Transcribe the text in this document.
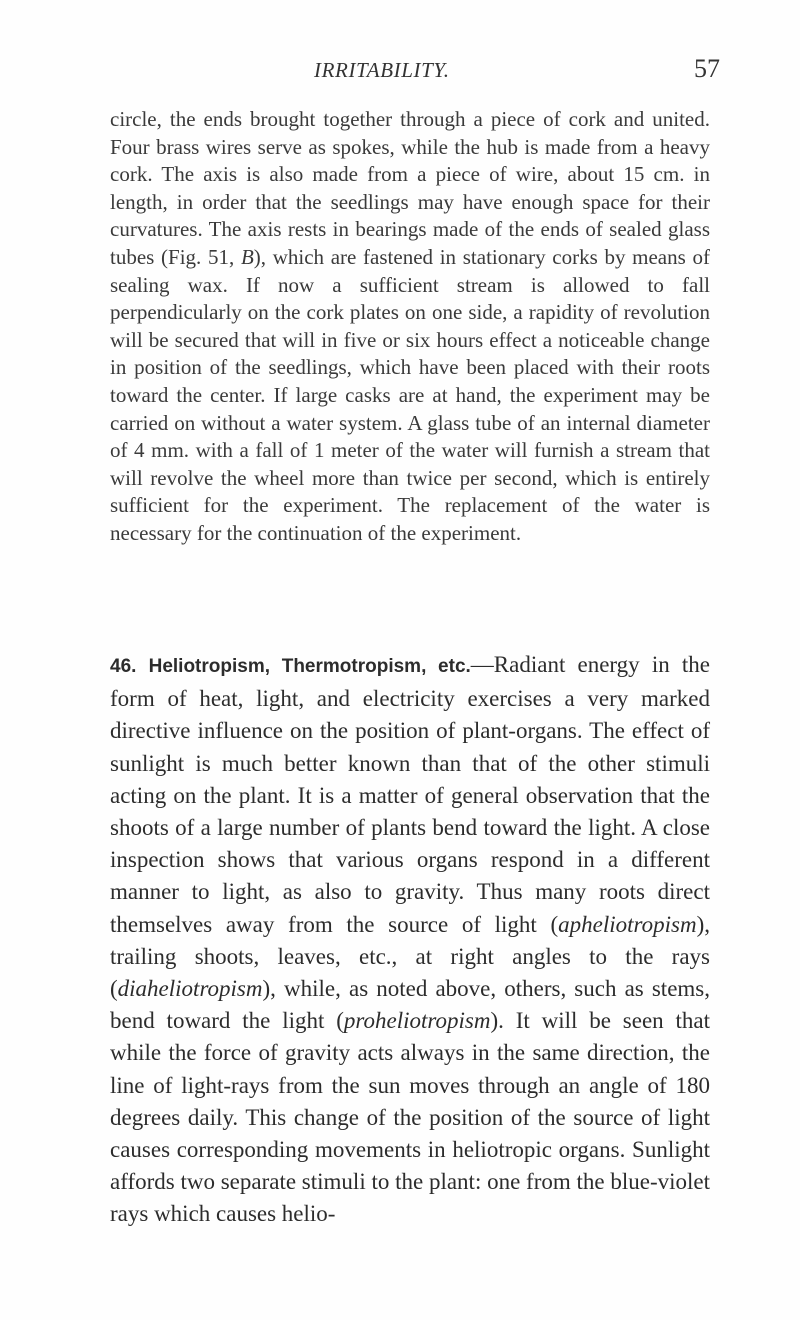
IRRITABILITY.	57

circle, the ends brought together through a piece of cork and united. Four brass wires serve as spokes, while the hub is made from a heavy cork. The axis is also made from a piece of wire, about 15 cm. in length, in order that the seedlings may have enough space for their curvatures. The axis rests in bearings made of the ends of sealed glass tubes (Fig. 51, B), which are fastened in stationary corks by means of sealing wax. If now a sufficient stream is allowed to fall perpendicularly on the cork plates on one side, a rapidity of revolution will be secured that will in five or six hours effect a noticeable change in position of the seedlings, which have been placed with their roots toward the center. If large casks are at hand, the experiment may be carried on without a water system. A glass tube of an internal diameter of 4 mm. with a fall of 1 meter of the water will furnish a stream that will revolve the wheel more than twice per second, which is entirely sufficient for the experiment. The replacement of the water is necessary for the continuation of the experiment.

46. Heliotropism, Thermotropism, etc.—Radiant energy in the form of heat, light, and electricity exercises a very marked directive influence on the position of plant-organs. The effect of sunlight is much better known than that of the other stimuli acting on the plant. It is a matter of general observation that the shoots of a large number of plants bend toward the light. A close inspection shows that various organs respond in a different manner to light, as also to gravity. Thus many roots direct themselves away from the source of light (apheliotropism), trailing shoots, leaves, etc., at right angles to the rays (diaheliotropism), while, as noted above, others, such as stems, bend toward the light (proheliotropism). It will be seen that while the force of gravity acts always in the same direction, the line of light-rays from the sun moves through an angle of 180 degrees daily. This change of the position of the source of light causes corresponding movements in heliotropic organs. Sunlight affords two separate stimuli to the plant: one from the blue-violet rays which causes helio-
